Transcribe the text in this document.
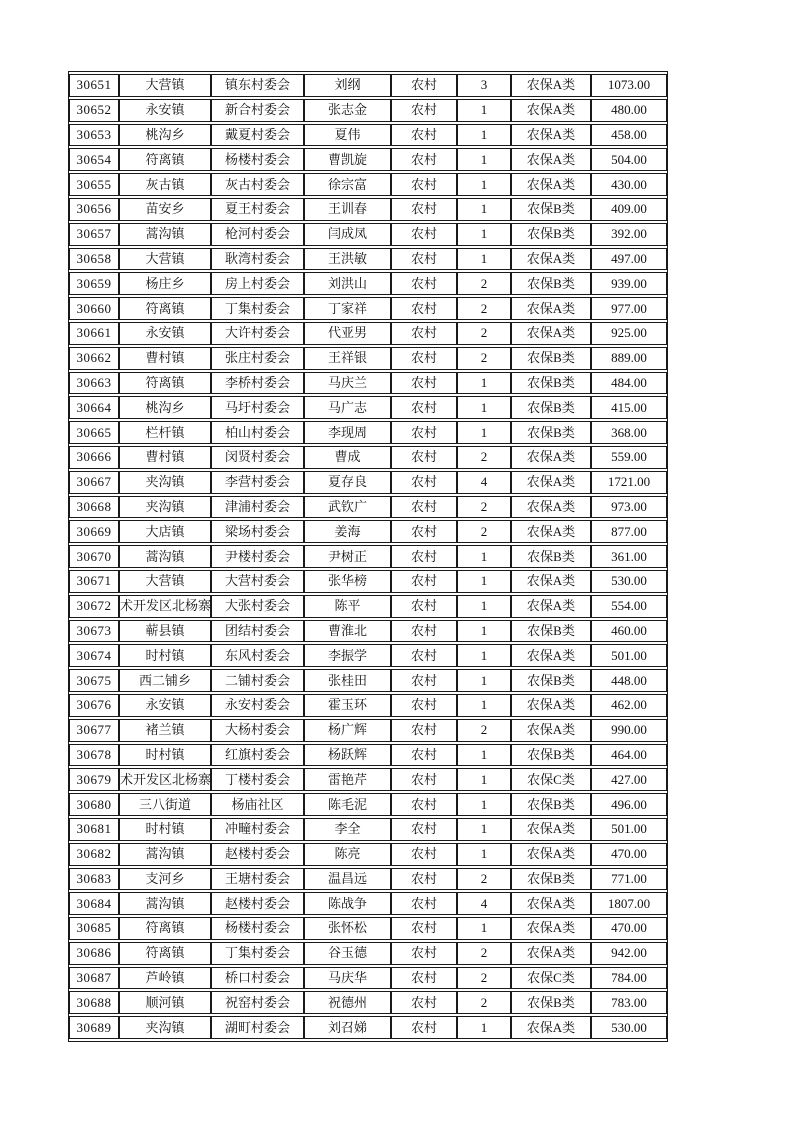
30651	大营镇	镇东村委会	刘纲	农村	3	农保A类	1073.00
30652	永安镇	新合村委会	张志金	农村	1	农保A类	480.00
30653	桃沟乡	戴夏村委会	夏伟	农村	1	农保A类	458.00
30654	符离镇	杨楼村委会	曹凯旋	农村	1	农保A类	504.00
30655	灰古镇	灰古村委会	徐宗富	农村	1	农保A类	430.00
30656	苗安乡	夏王村委会	王训春	农村	1	农保B类	409.00
30657	蒿沟镇	枪河村委会	闫成凤	农村	1	农保B类	392.00
30658	大营镇	耿湾村委会	王洪敏	农村	1	农保A类	497.00
30659	杨庄乡	房上村委会	刘洪山	农村	2	农保B类	939.00
30660	符离镇	丁集村委会	丁家祥	农村	2	农保A类	977.00
30661	永安镇	大许村委会	代亚男	农村	2	农保A类	925.00
30662	曹村镇	张庄村委会	王祥银	农村	2	农保B类	889.00
30663	符离镇	李桥村委会	马庆兰	农村	1	农保B类	484.00
30664	桃沟乡	马圩村委会	马广志	农村	1	农保B类	415.00
30665	栏杆镇	柏山村委会	李现周	农村	1	农保B类	368.00
30666	曹村镇	闵贤村委会	曹成	农村	2	农保A类	559.00
30667	夹沟镇	李营村委会	夏存良	农村	4	农保A类	1721.00
30668	夹沟镇	津浦村委会	武钦广	农村	2	农保A类	973.00
30669	大店镇	梁场村委会	姜海	农村	2	农保A类	877.00
30670	蒿沟镇	尹楼村委会	尹树正	农村	1	农保B类	361.00
30671	大营镇	大营村委会	张华榜	农村	1	农保A类	530.00
30672	术开发区北杨寨	大张村委会	陈平	农村	1	农保A类	554.00
30673	蕲县镇	团结村委会	曹淮北	农村	1	农保B类	460.00
30674	时村镇	东风村委会	李振学	农村	1	农保A类	501.00
30675	西二铺乡	二铺村委会	张桂田	农村	1	农保B类	448.00
30676	永安镇	永安村委会	霍玉环	农村	1	农保A类	462.00
30677	褚兰镇	大杨村委会	杨广辉	农村	2	农保A类	990.00
30678	时村镇	红旗村委会	杨跃辉	农村	1	农保B类	464.00
30679	术开发区北杨寨	丁楼村委会	雷艳芹	农村	1	农保C类	427.00
30680	三八街道	杨庙社区	陈毛泥	农村	1	农保B类	496.00
30681	时村镇	冲疃村委会	李全	农村	1	农保A类	501.00
30682	蒿沟镇	赵楼村委会	陈亮	农村	1	农保A类	470.00
30683	支河乡	王塘村委会	温昌远	农村	2	农保B类	771.00
30684	蒿沟镇	赵楼村委会	陈战争	农村	4	农保A类	1807.00
30685	符离镇	杨楼村委会	张怀松	农村	1	农保A类	470.00
30686	符离镇	丁集村委会	谷玉德	农村	2	农保A类	942.00
30687	芦岭镇	桥口村委会	马庆华	农村	2	农保C类	784.00
30688	顺河镇	祝窑村委会	祝德州	农村	2	农保B类	783.00
30689	夹沟镇	湖町村委会	刘召娣	农村	1	农保A类	530.00
